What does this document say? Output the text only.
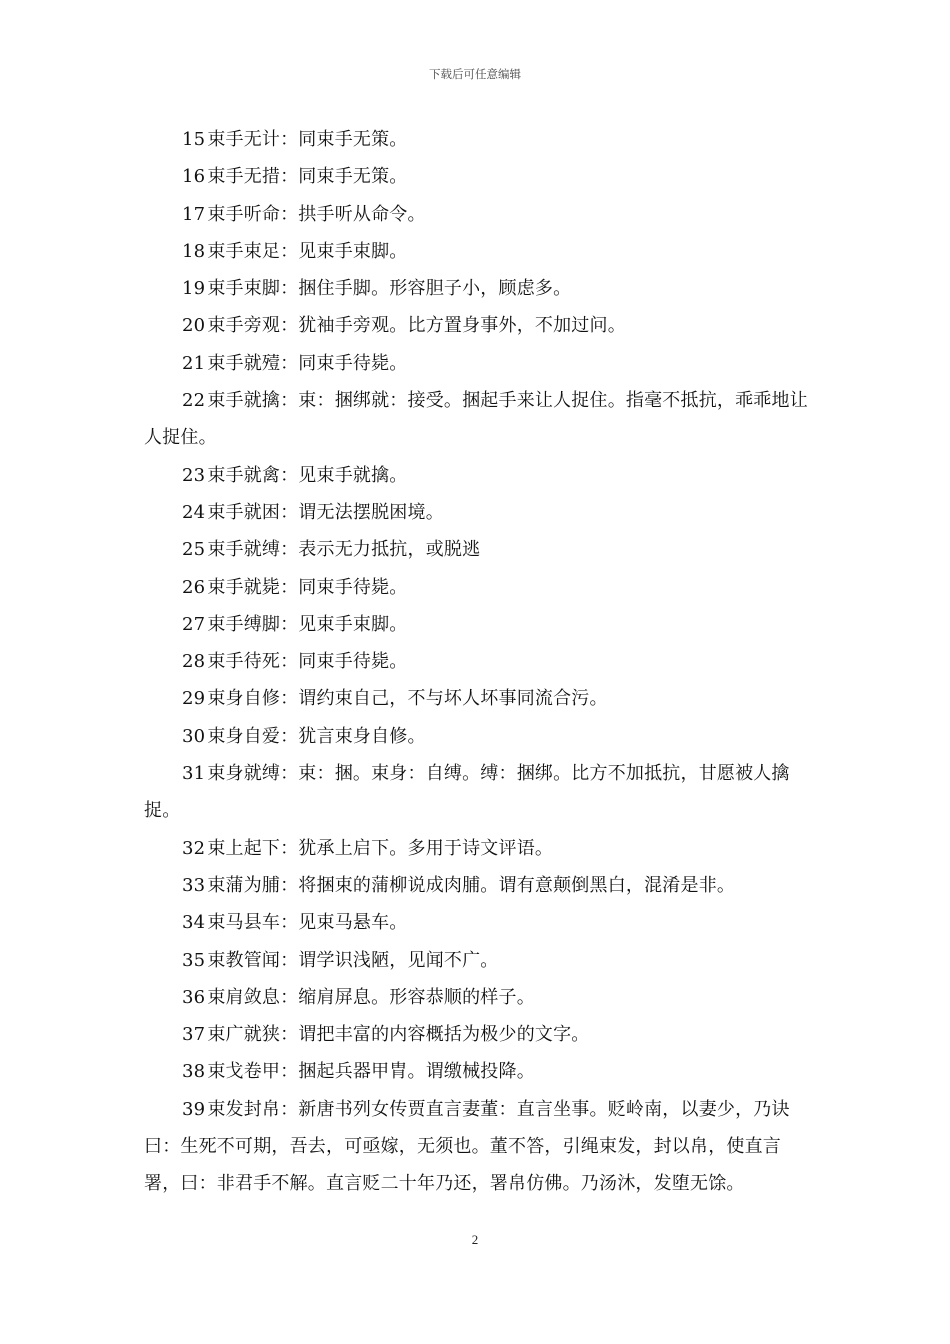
下载后可任意编辑

15 束手无计：同束手无策。

16 束手无措：同束手无策。

17 束手听命：拱手听从命令。

18 束手束足：见束手束脚。

19 束手束脚：捆住手脚。形容胆子小，顾虑多。

20 束手旁观：犹袖手旁观。比方置身事外，不加过问。

21 束手就殪：同束手待毙。

22 束手就擒：束：捆绑就：接受。捆起手来让人捉住。指毫不抵抗，乖乖地让人捉住。

23 束手就禽：见束手就擒。

24 束手就困：谓无法摆脱困境。

25 束手就缚：表示无力抵抗，或脱逃

26 束手就毙：同束手待毙。

27 束手缚脚：见束手束脚。

28 束手待死：同束手待毙。

29 束身自修：谓约束自己，不与坏人坏事同流合污。

30 束身自爱：犹言束身自修。

31 束身就缚：束：捆。束身：自缚。缚：捆绑。比方不加抵抗，甘愿被人擒捉。

32 束上起下：犹承上启下。多用于诗文评语。

33 束蒲为脯：将捆束的蒲柳说成肉脯。谓有意颠倒黑白，混淆是非。

34 束马县车：见束马悬车。

35 束教管闻：谓学识浅陋，见闻不广。

36 束肩敛息：缩肩屏息。形容恭顺的样子。

37 束广就狭：谓把丰富的内容概括为极少的文字。

38 束戈卷甲：捆起兵器甲胄。谓缴械投降。

39 束发封帛：新唐书列女传贾直言妻董：直言坐事。贬岭南，以妻少，乃诀曰：生死不可期，吾去，可亟嫁，无须也。董不答，引绳束发，封以帛，使直言署，曰：非君手不解。直言贬二十年乃还，署帛仿佛。乃汤沐，发堕无馀。

2
